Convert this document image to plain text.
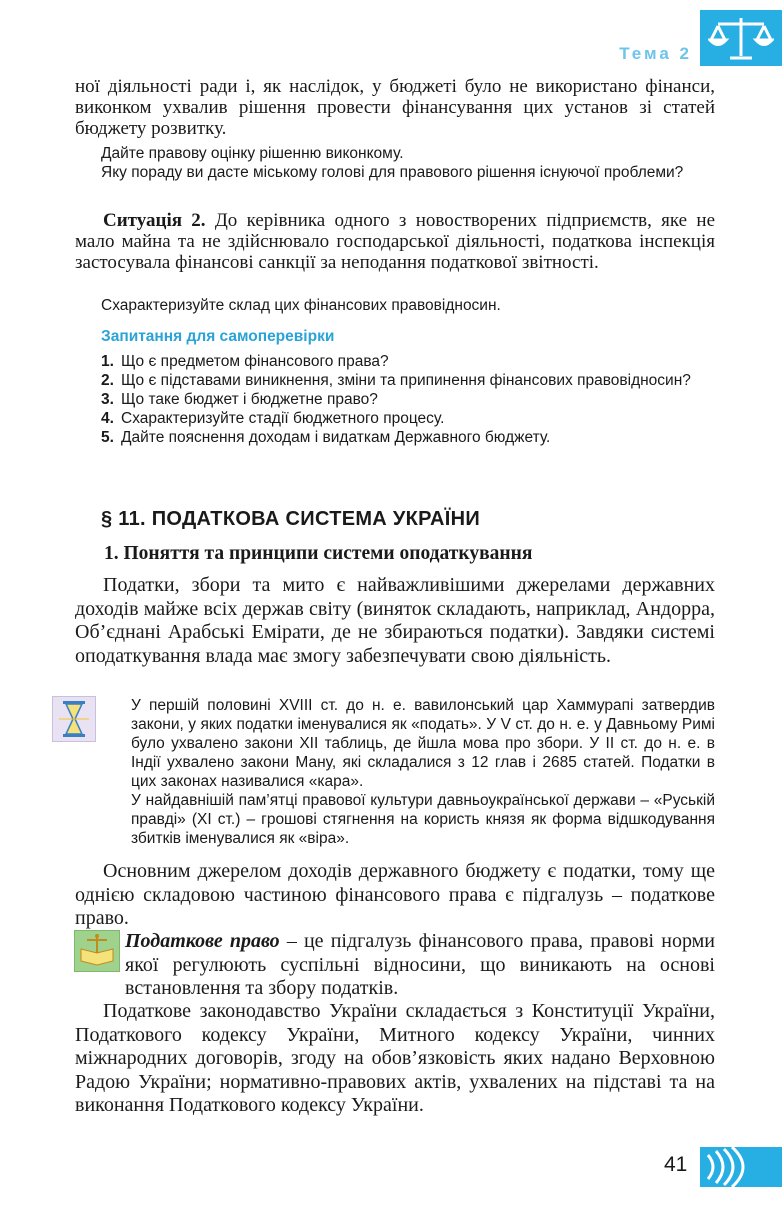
Тема 2

ної діяльності ради і, як наслідок, у бюджеті було не використано фінанси, виконком ухвалив рішення провести фінансування цих установ зі статей бюджету розвитку.

Дайте правову оцінку рішенню виконкому.

Яку пораду ви дасте міському голові для правового рішення існуючої проблеми?

Ситуація 2. До керівника одного з новостворених підприємств, яке не мало майна та не здійснювало господарської діяльності, податкова інспекція застосувала фінансові санкції за неподання податкової звітності.

Схарактеризуйте склад цих фінансових правовідносин.

Запитання для самоперевірки
1. Що є предметом фінансового права?
2. Що є підставами виникнення, зміни та припинення фінансових правовідносин?
3. Що таке бюджет і бюджетне право?
4. Схарактеризуйте стадії бюджетного процесу.
5. Дайте пояснення доходам і видаткам Державного бюджету.
§ 11. ПОДАТКОВА СИСТЕМА УКРАЇНИ
1. Поняття та принципи системи оподаткування

Податки, збори та мито є найважливішими джерелами державних доходів майже всіх держав світу (виняток складають, наприклад, Андорра, Об’єднані Арабські Емірати, де не збираються податки). Завдяки системі оподаткування влада має змогу забезпечувати свою діяльність.

У першій половині XVIII ст. до н. е. вавилонський цар Хаммурапі затвердив закони, у яких податки іменувалися як «подать». У V ст. до н. е. у Давньому Римі було ухвалено закони XII таблиць, де йшла мова про збори. У II ст. до н. е. в Індії ухвалено закони Ману, які складалися з 12 глав і 2685 статей. Податки в цих законах називалися «кара».

У найдавнішій пам’ятці правової культури давньоукраїнської держави – «Руській правді» (XI ст.) – грошові стягнення на користь князя як форма відшкодування збитків іменувалися як «віра».

Основним джерелом доходів державного бюджету є податки, тому ще однією складовою частиною фінансового права є підгалузь – податкове право.

Податкове право – це підгалузь фінансового права, правові норми якої регулюють суспільні відносини, що виникають на основі встановлення та збору податків.

Податкове законодавство України складається з Конституції України, Податкового кодексу України, Митного кодексу України, чинних міжнародних договорів, згоду на обов’язковість яких надано Верховною Радою України; нормативно-правових актів, ухвалених на підставі та на виконання Податкового кодексу України.

41
